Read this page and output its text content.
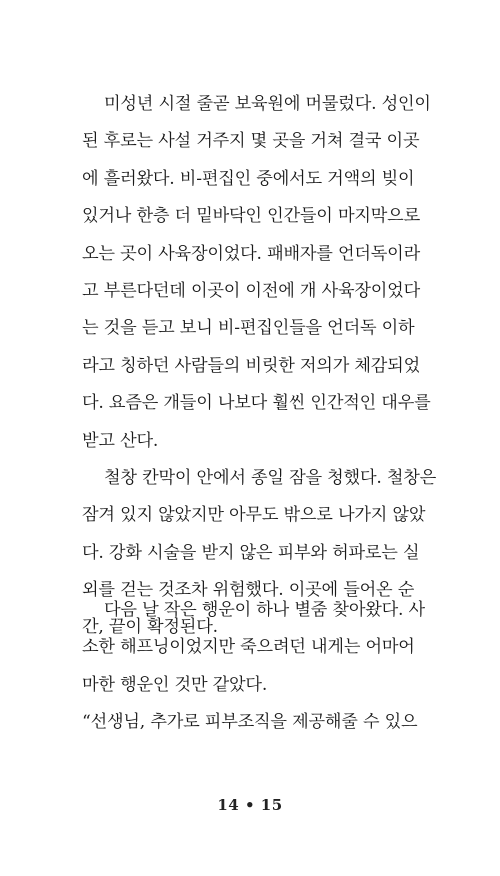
미성년 시절 줄곧 보육원에 머물렀다. 성인이
된 후로는 사설 거주지 몇 곳을 거쳐 결국 이곳
에 흘러왔다. 비-편집인 중에서도 거액의 빚이
있거나 한층 더 밑바닥인 인간들이 마지막으로
오는 곳이 사육장이었다. 패배자를 언더독이라
고 부른다던데 이곳이 이전에 개 사육장이었다
는 것을 듣고 보니 비-편집인들을 언더독 이하
라고 칭하던 사람들의 비릿한 저의가 체감되었
다. 요즘은 개들이 나보다 훨씬 인간적인 대우를
받고 산다.
철창 칸막이 안에서 종일 잠을 청했다. 철창은
잠겨 있지 않았지만 아무도 밖으로 나가지 않았
다. 강화 시술을 받지 않은 피부와 허파로는 실
외를 걷는 것조차 위험했다. 이곳에 들어온 순
간, 끝이 확정된다.
다음 날 작은 행운이 하나 별줌 찾아왔다. 사
소한 해프닝이었지만 죽으려던 내게는 어마어
마한 행운인 것만 같았다.
“선생님, 추가로 피부조직을 제공해줄 수 있으
14 • 15
